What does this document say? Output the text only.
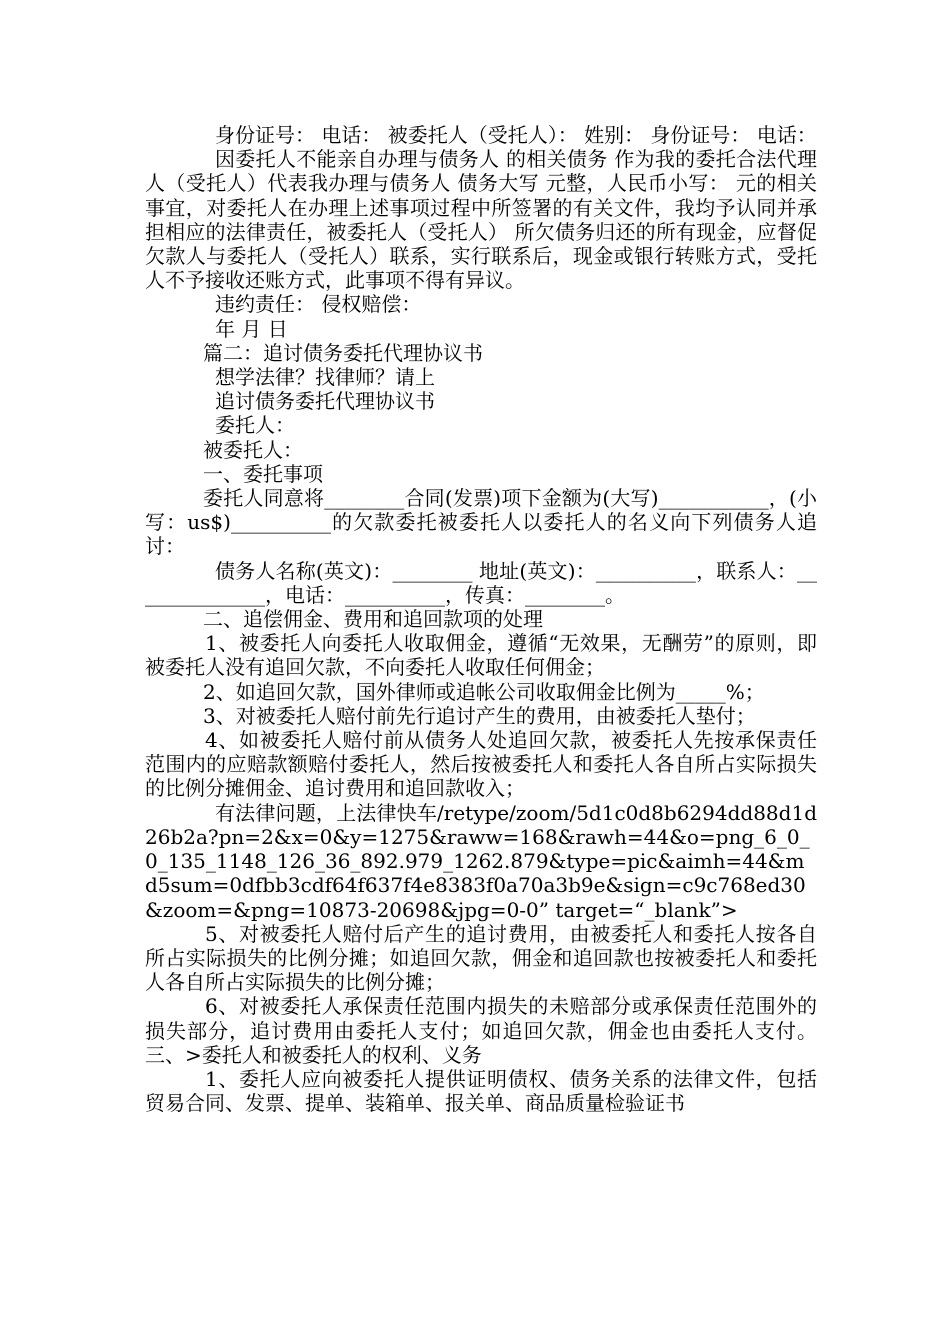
身份证号： 电话： 被委托人（受托人）： 姓别： 身份证号： 电话：

因委托人不能亲自办理与债务人 的相关债务 作为我的委托合法代理人（受托人）代表我办理与债务人 债务大写 元整，人民币小写： 元的相关事宜，对委托人在办理上述事项过程中所签署的有关文件，我均予认同并承担相应的法律责任，被委托人（受托人） 所欠债务归还的所有现金，应督促欠款人与委托人（受托人）联系，实行联系后，现金或银行转账方式，受托人不予接收还账方式，此事项不得有异议。

违约责任： 侵权赔偿：

年 月 日

篇二：追讨债务委托代理协议书

想学法律？找律师？请上

追讨债务委托代理协议书

委托人：

被委托人：

一、委托事项

委托人同意将________合同(发票)项下金额为(大写)___________，(小写：us$)__________的欠款委托被委托人以委托人的名义向下列债务人追讨：

债务人名称(英文)：________ 地址(英文)：__________，联系人：______________，电话：__________，传真：________。

二、追偿佣金、费用和追回款项的处理

1、被委托人向委托人收取佣金，遵循“无效果，无酬劳”的原则，即被委托人没有追回欠款，不向委托人收取任何佣金；

2、如追回欠款，国外律师或追帐公司收取佣金比例为_____%；

3、对被委托人赔付前先行追讨产生的费用，由被委托人垫付；

4、如被委托人赔付前从债务人处追回欠款，被委托人先按承保责任范围内的应赔款额赔付委托人，然后按被委托人和委托人各自所占实际损失的比例分摊佣金、追讨费用和追回款收入；

有法律问题，上法律快车/retype/zoom/5d1c0d8b6294dd88d1d26b2a?pn=2&x=0&y=1275&raww=168&rawh=44&o=png_6_0_0_135_1148_126_36_892.979_1262.879&type=pic&aimh=44&md5sum=0dfbb3cdf64f637f4e8383f0a70a3b9e&sign=c9c768ed30&zoom=&png=10873-20698&jpg=0-0” target=“_blank”>

5、对被委托人赔付后产生的追讨费用，由被委托人和委托人按各自所占实际损失的比例分摊；如追回欠款，佣金和追回款也按被委托人和委托人各自所占实际损失的比例分摊；

6、对被委托人承保责任范围内损失的未赔部分或承保责任范围外的损失部分，追讨费用由委托人支付；如追回欠款，佣金也由委托人支付。三、>委托人和被委托人的权利、义务

1、委托人应向被委托人提供证明债权、债务关系的法律文件，包括贸易合同、发票、提单、装箱单、报关单、商品质量检验证书
